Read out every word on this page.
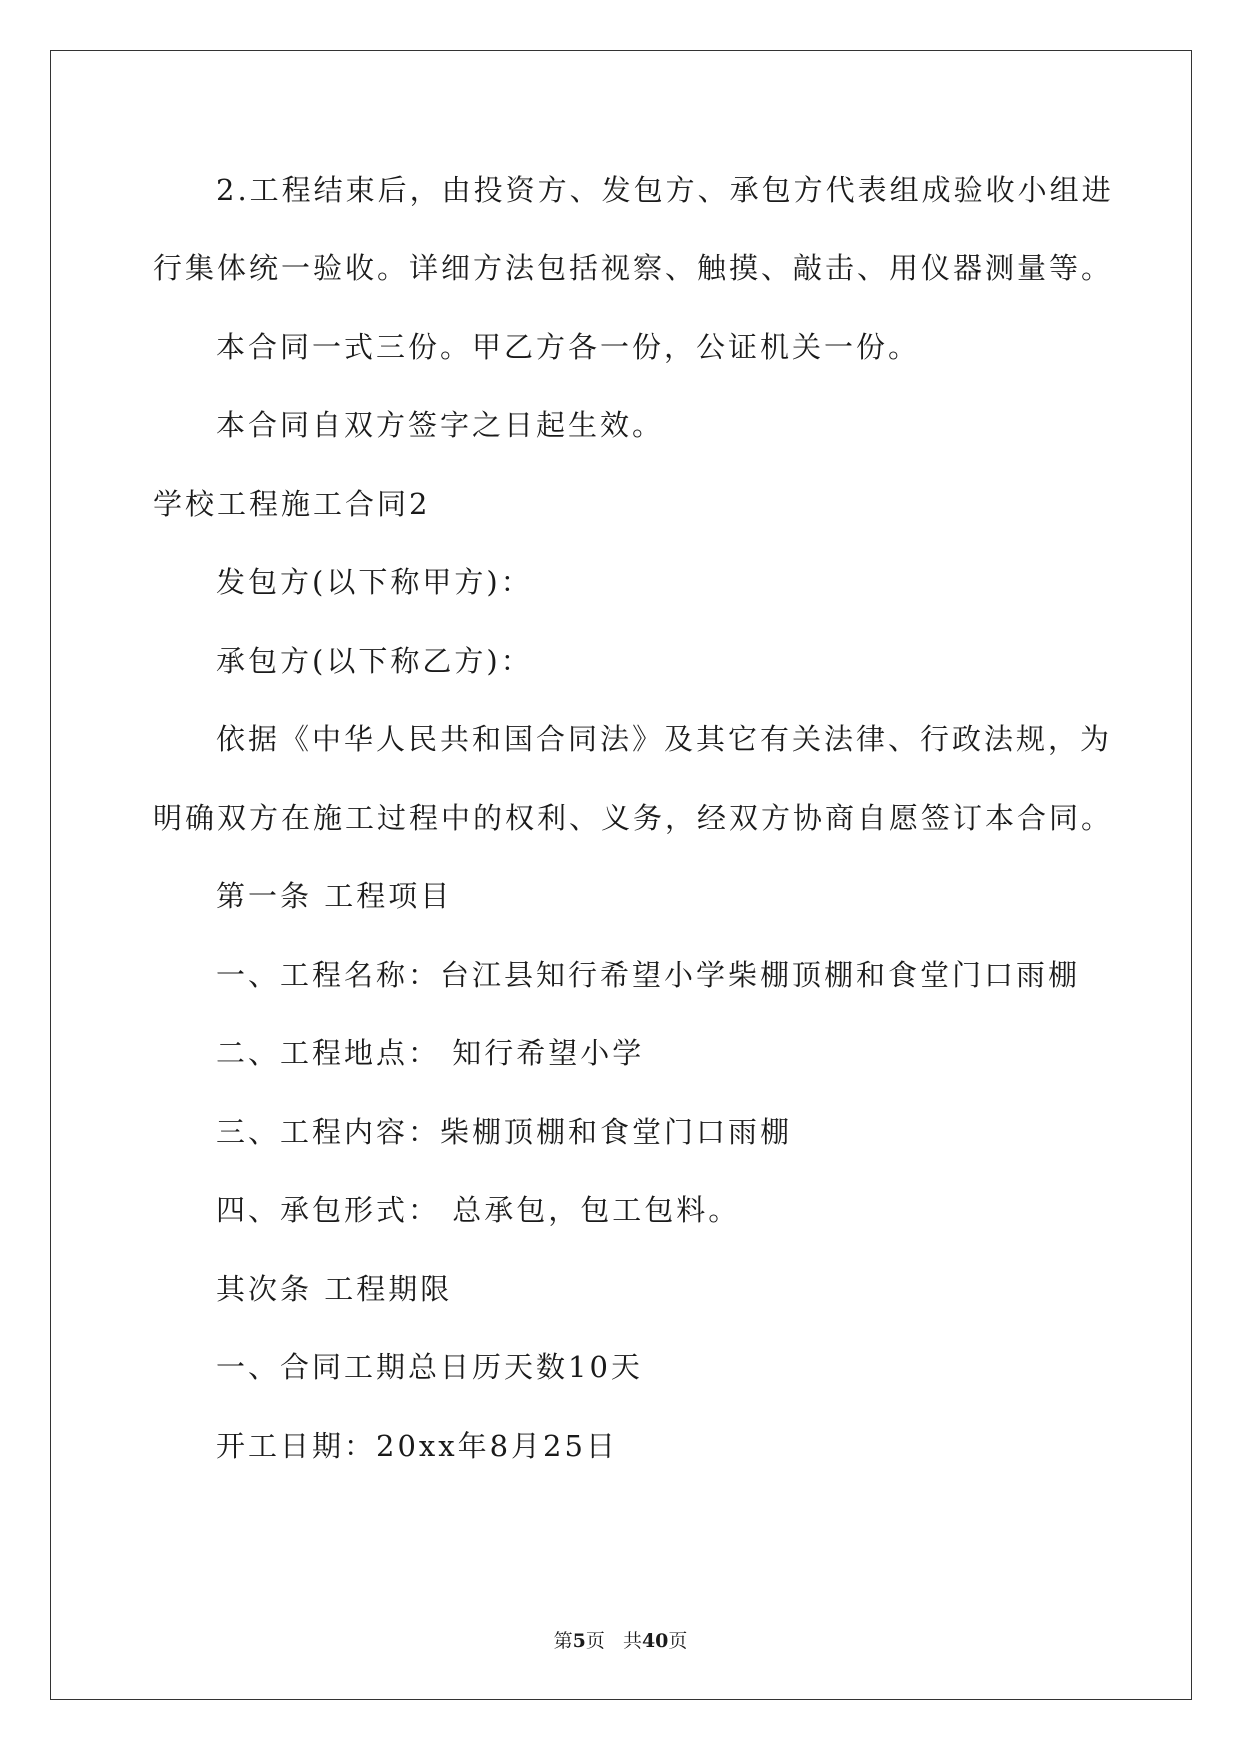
2.工程结束后，由投资方、发包方、承包方代表组成验收小组进
行集体统一验收。详细方法包括视察、触摸、敲击、用仪器测量等。
本合同一式三份。甲乙方各一份，公证机关一份。
本合同自双方签字之日起生效。
学校工程施工合同2
发包方(以下称甲方)：
承包方(以下称乙方)：
依据《中华人民共和国合同法》及其它有关法律、行政法规，为
明确双方在施工过程中的权利、义务，经双方协商自愿签订本合同。
第一条 工程项目
一、工程名称：台江县知行希望小学柴棚顶棚和食堂门口雨棚
二、工程地点： 知行希望小学
三、工程内容：柴棚顶棚和食堂门口雨棚
四、承包形式： 总承包，包工包料。
其次条 工程期限
一、合同工期总日历天数10天
开工日期：20xx年8月25日
第5页   共40页
